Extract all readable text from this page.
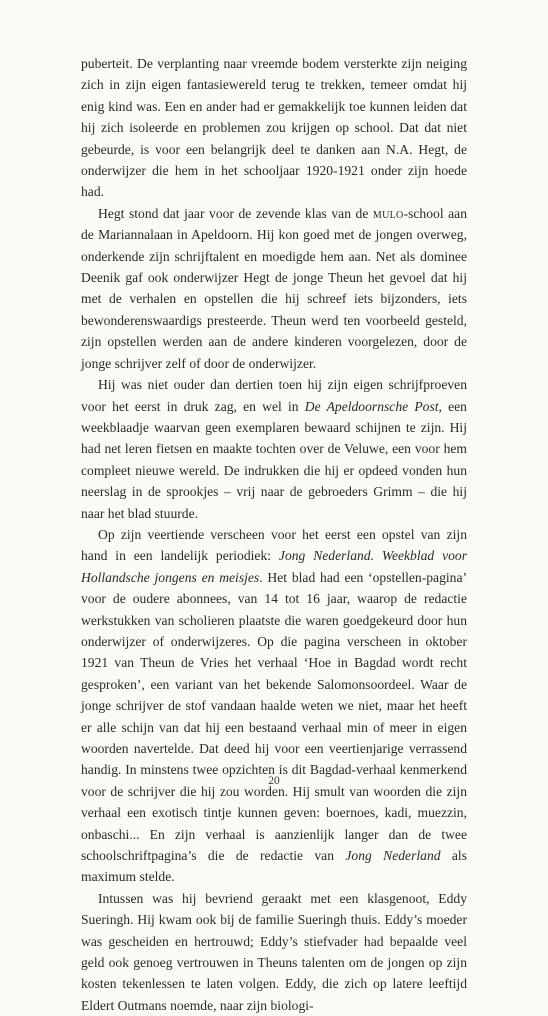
puberteit. De verplanting naar vreemde bodem versterkte zijn neiging zich in zijn eigen fantasiewereld terug te trekken, temeer omdat hij enig kind was. Een en ander had er gemakkelijk toe kunnen leiden dat hij zich isoleerde en problemen zou krijgen op school. Dat dat niet gebeurde, is voor een belangrijk deel te danken aan N.A. Hegt, de onderwijzer die hem in het schooljaar 1920-1921 onder zijn hoede had.

Hegt stond dat jaar voor de zevende klas van de mulo-school aan de Mariannalaan in Apeldoorn. Hij kon goed met de jongen overweg, onderkende zijn schrijftalent en moedigde hem aan. Net als dominee Deenik gaf ook onderwijzer Hegt de jonge Theun het gevoel dat hij met de verhalen en opstellen die hij schreef iets bijzonders, iets bewonderenswaardigs presteerde. Theun werd ten voorbeeld gesteld, zijn opstellen werden aan de andere kinderen voorgelezen, door de jonge schrijver zelf of door de onderwijzer.

Hij was niet ouder dan dertien toen hij zijn eigen schrijfproeven voor het eerst in druk zag, en wel in De Apeldoornsche Post, een weekblaadje waarvan geen exemplaren bewaard schijnen te zijn. Hij had net leren fietsen en maakte tochten over de Veluwe, een voor hem compleet nieuwe wereld. De indrukken die hij er opdeed vonden hun neerslag in de sprookjes – vrij naar de gebroeders Grimm – die hij naar het blad stuurde.

Op zijn veertiende verscheen voor het eerst een opstel van zijn hand in een landelijk periodiek: Jong Nederland. Weekblad voor Hollandsche jongens en meisjes. Het blad had een ‘opstellen-pagina’ voor de oudere abonnees, van 14 tot 16 jaar, waarop de redactie werkstukken van scholieren plaatste die waren goedgekeurd door hun onderwijzer of onderwijzeres. Op die pagina verscheen in oktober 1921 van Theun de Vries het verhaal ‘Hoe in Bagdad wordt recht gesproken’, een variant van het bekende Salomonsoordeel. Waar de jonge schrijver de stof vandaan haalde weten we niet, maar het heeft er alle schijn van dat hij een bestaand verhaal min of meer in eigen woorden navertelde. Dat deed hij voor een veertienjarige verrassend handig. In minstens twee opzichten is dit Bagdad-verhaal kenmerkend voor de schrijver die hij zou worden. Hij smult van woorden die zijn verhaal een exotisch tintje kunnen geven: boernoes, kadi, muezzin, onbaschi... En zijn verhaal is aanzienlijk langer dan de twee schoolschriftpagina’s die de redactie van Jong Nederland als maximum stelde.

Intussen was hij bevriend geraakt met een klasgenoot, Eddy Sueringh. Hij kwam ook bij de familie Sueringh thuis. Eddy’s moeder was gescheiden en hertrouwd; Eddy’s stiefvader had bepaalde veel geld ook genoeg vertrouwen in Theuns talenten om de jongen op zijn kosten tekenlessen te laten volgen. Eddy, die zich op latere leeftijd Eldert Outmans noemde, naar zijn biologi-

20
